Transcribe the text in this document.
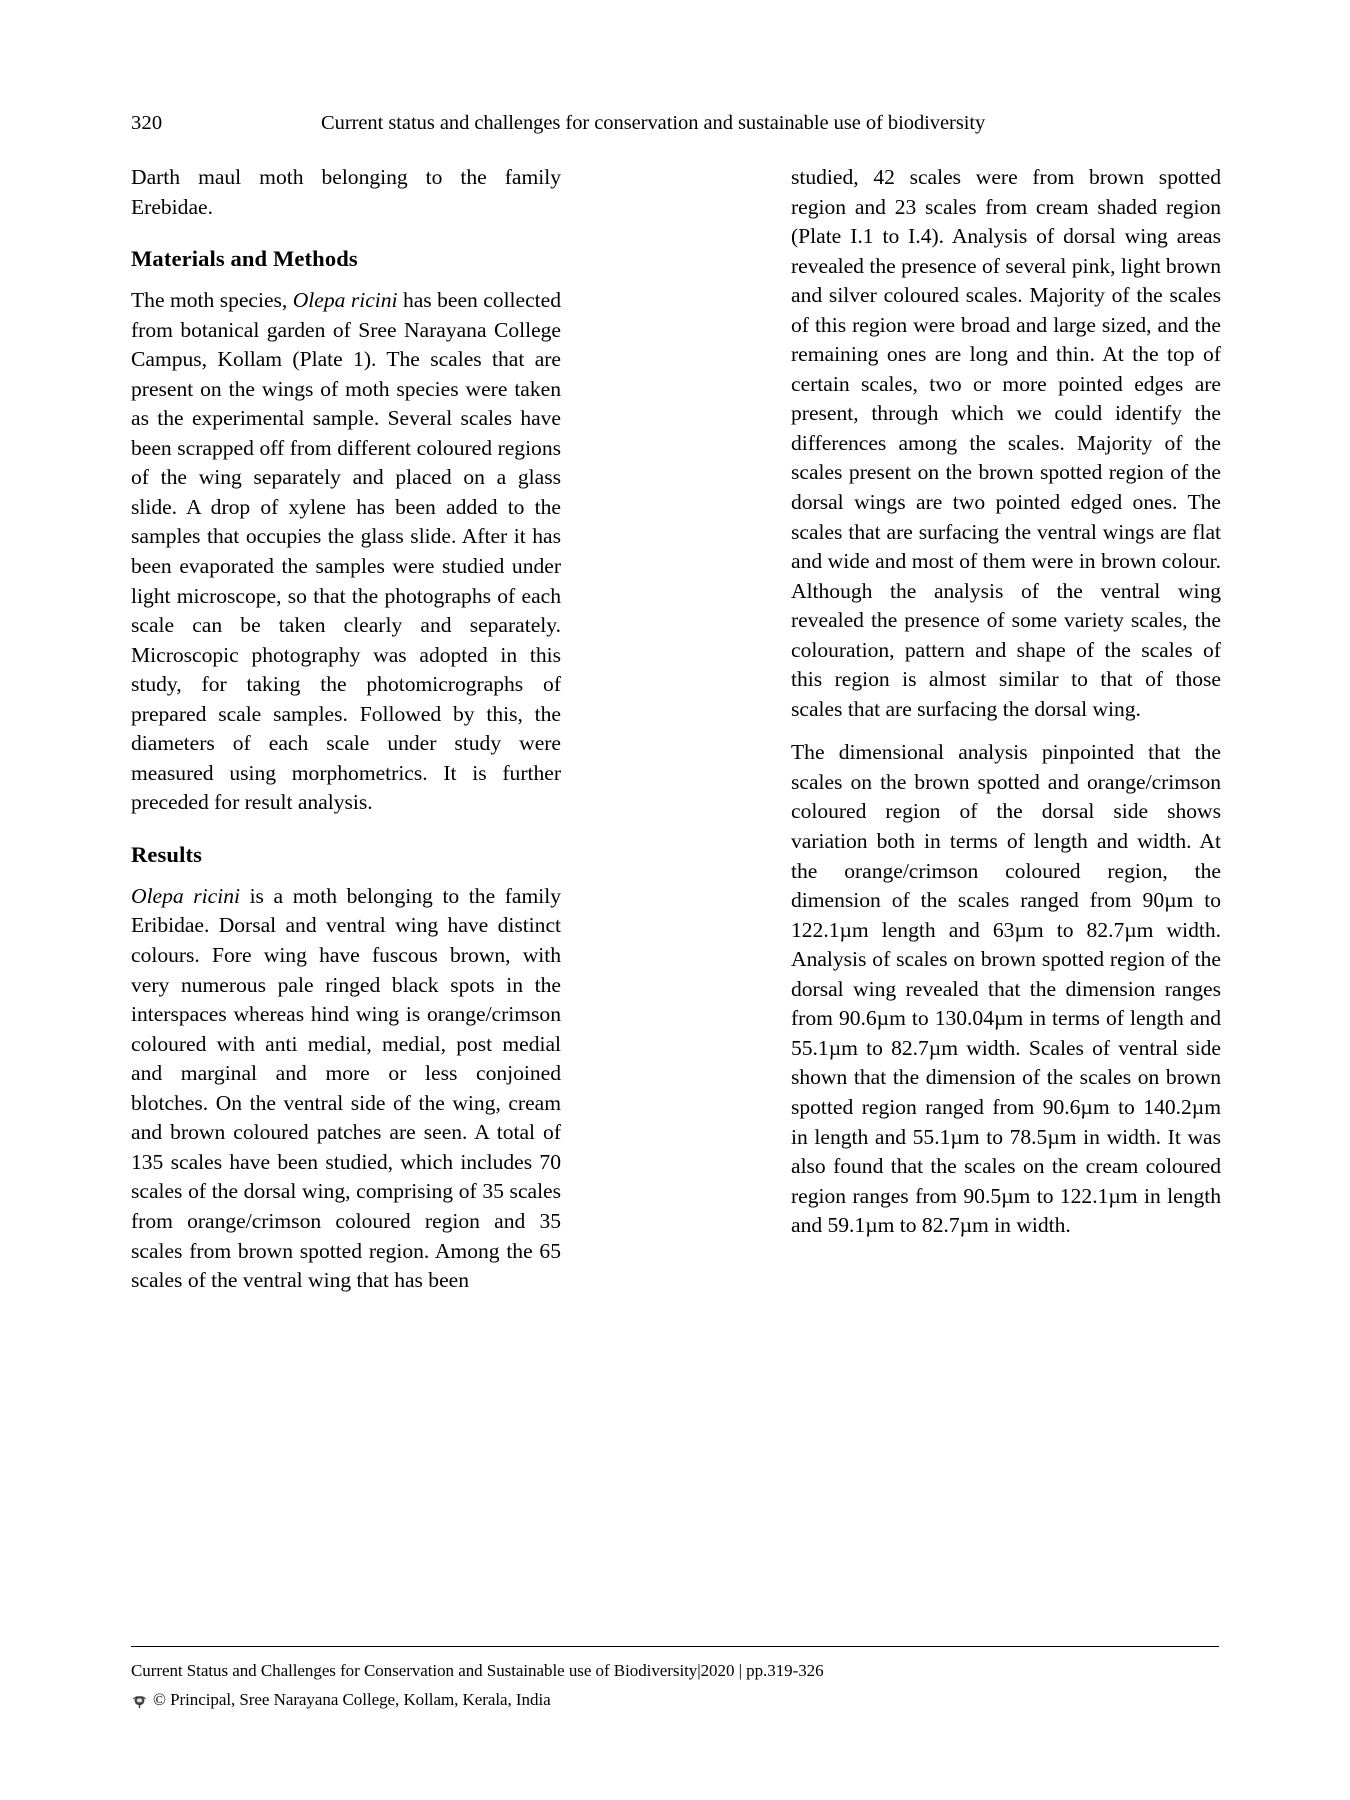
320	Current status and challenges for conservation and sustainable use of biodiversity

Darth maul moth belonging to the family Erebidae.

Materials and Methods

The moth species, Olepa ricini has been collected from botanical garden of Sree Narayana College Campus, Kollam (Plate 1). The scales that are present on the wings of moth species were taken as the experimental sample. Several scales have been scrapped off from different coloured regions of the wing separately and placed on a glass slide. A drop of xylene has been added to the samples that occupies the glass slide. After it has been evaporated the samples were studied under light microscope, so that the photographs of each scale can be taken clearly and separately. Microscopic photography was adopted in this study, for taking the photomicrographs of prepared scale samples. Followed by this, the diameters of each scale under study were measured using morphometrics. It is further preceded for result analysis.

Results

Olepa ricini is a moth belonging to the family Eribidae. Dorsal and ventral wing have distinct colours. Fore wing have fuscous brown, with very numerous pale ringed black spots in the interspaces whereas hind wing is orange/crimson coloured with anti medial, medial, post medial and marginal and more or less conjoined blotches. On the ventral side of the wing, cream and brown coloured patches are seen. A total of 135 scales have been studied, which includes 70 scales of the dorsal wing, comprising of 35 scales from orange/crimson coloured region and 35 scales from brown spotted region. Among the 65 scales of the ventral wing that has been

studied, 42 scales were from brown spotted region and 23 scales from cream shaded region (Plate I.1 to I.4). Analysis of dorsal wing areas revealed the presence of several pink, light brown and silver coloured scales. Majority of the scales of this region were broad and large sized, and the remaining ones are long and thin. At the top of certain scales, two or more pointed edges are present, through which we could identify the differences among the scales. Majority of the scales present on the brown spotted region of the dorsal wings are two pointed edged ones. The scales that are surfacing the ventral wings are flat and wide and most of them were in brown colour. Although the analysis of the ventral wing revealed the presence of some variety scales, the colouration, pattern and shape of the scales of this region is almost similar to that of those scales that are surfacing the dorsal wing.

The dimensional analysis pinpointed that the scales on the brown spotted and orange/crimson coloured region of the dorsal side shows variation both in terms of length and width. At the orange/crimson coloured region, the dimension of the scales ranged from 90µm to 122.1µm length and 63µm to 82.7µm width. Analysis of scales on brown spotted region of the dorsal wing revealed that the dimension ranges from 90.6µm to 130.04µm in terms of length and 55.1µm to 82.7µm width. Scales of ventral side shown that the dimension of the scales on brown spotted region ranged from 90.6µm to 140.2µm in length and 55.1µm to 78.5µm in width. It was also found that the scales on the cream coloured region ranges from 90.5µm to 122.1µm in length and 59.1µm to 82.7µm in width.

Current Status and Challenges for Conservation and Sustainable use of Biodiversity|2020 | pp.319-326
© Principal, Sree Narayana College, Kollam, Kerala, India
